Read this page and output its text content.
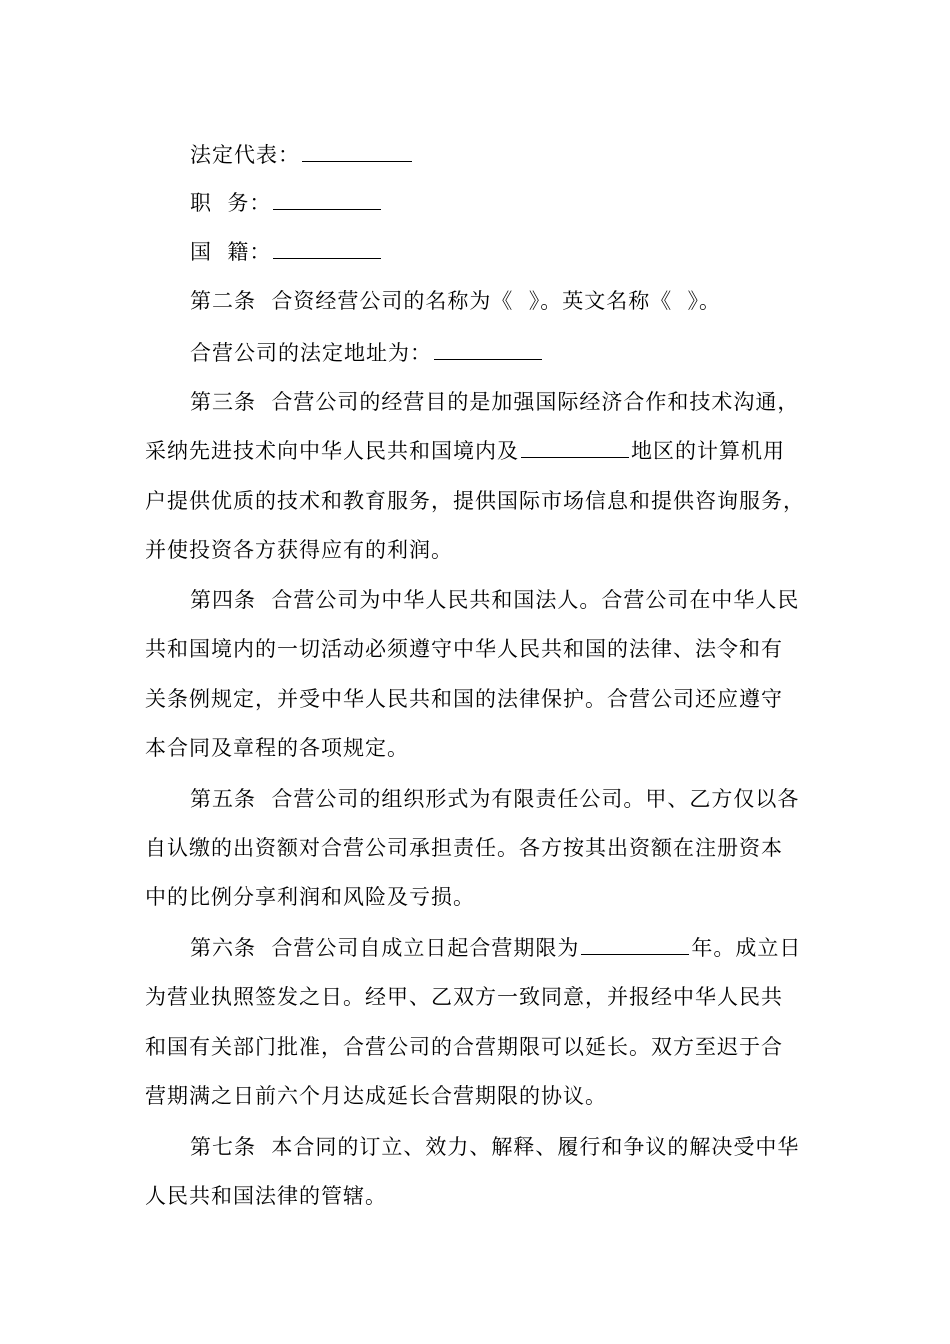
法定代表：
职  务：
国  籍：
第二条  合资经营公司的名称为《  》。英文名称《  》。
合营公司的法定地址为：
第三条  合营公司的经营目的是加强国际经济合作和技术沟通，
采纳先进技术向中华人民共和国境内及	地区的计算机用
户提供优质的技术和教育服务，提供国际市场信息和提供咨询服务，
并使投资各方获得应有的利润。
第四条  合营公司为中华人民共和国法人。合营公司在中华人民
共和国境内的一切活动必须遵守中华人民共和国的法律、法令和有
关条例规定，并受中华人民共和国的法律保护。合营公司还应遵守
本合同及章程的各项规定。
第五条  合营公司的组织形式为有限责任公司。甲、乙方仅以各
自认缴的出资额对合营公司承担责任。各方按其出资额在注册资本
中的比例分享利润和风险及亏损。
第六条  合营公司自成立日起合营期限为	年。成立日
为营业执照签发之日。经甲、乙双方一致同意，并报经中华人民共
和国有关部门批准，合营公司的合营期限可以延长。双方至迟于合
营期满之日前六个月达成延长合营期限的协议。
第七条  本合同的订立、效力、解释、履行和争议的解决受中华
人民共和国法律的管辖。
